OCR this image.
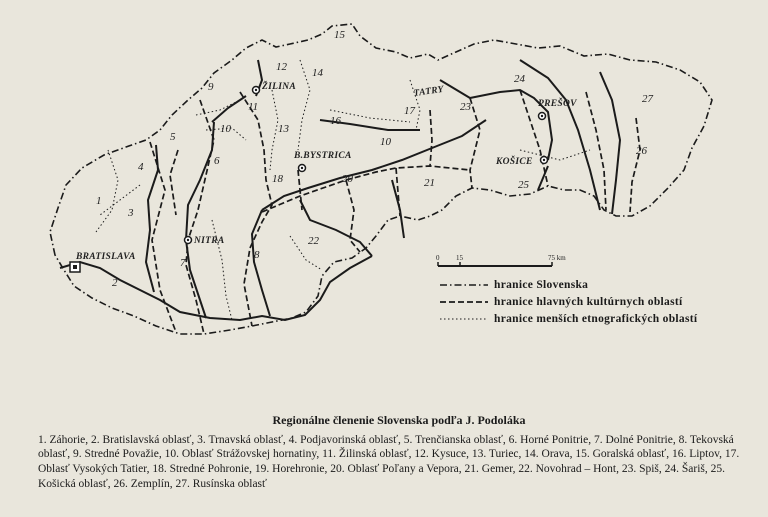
1
2
3
4
5
6
7
8
9
10
11
12
13
14
15
16
17
10
18	20	21
22
23
24
25
26
27
TATRY
BRATISLAVA
NITRA
ŽILINA
B.BYSTRICA
PREŠOV
KOŠICE
0 15	75 km
hranice Slovenska
hranice hlavných kultúrnych oblastí
hranice menších etnografických oblastí
Regionálne členenie Slovenska podľa J. Podoláka
1. Záhorie, 2. Bratislavská oblasť, 3. Trnavská oblasť, 4. Podjavorinská oblasť, 5. Trenčianska oblasť, 6. Horné Ponitrie, 7. Dolné Ponitrie, 8. Tekovská oblasť, 9. Stredné Považie, 10. Oblasť Strážovskej hornatiny, 11. Žilinská oblasť, 12. Kysuce, 13. Turiec, 14. Orava, 15. Goralská oblasť, 16. Liptov, 17. Oblasť Vysokých Tatier, 18. Stredné Pohronie, 19. Horehronie, 20. Oblasť Poľany a Vepora, 21. Gemer, 22. Novohrad – Hont, 23. Spiš, 24. Šariš, 25. Košická oblasť, 26. Zemplín, 27. Rusínska oblasť
